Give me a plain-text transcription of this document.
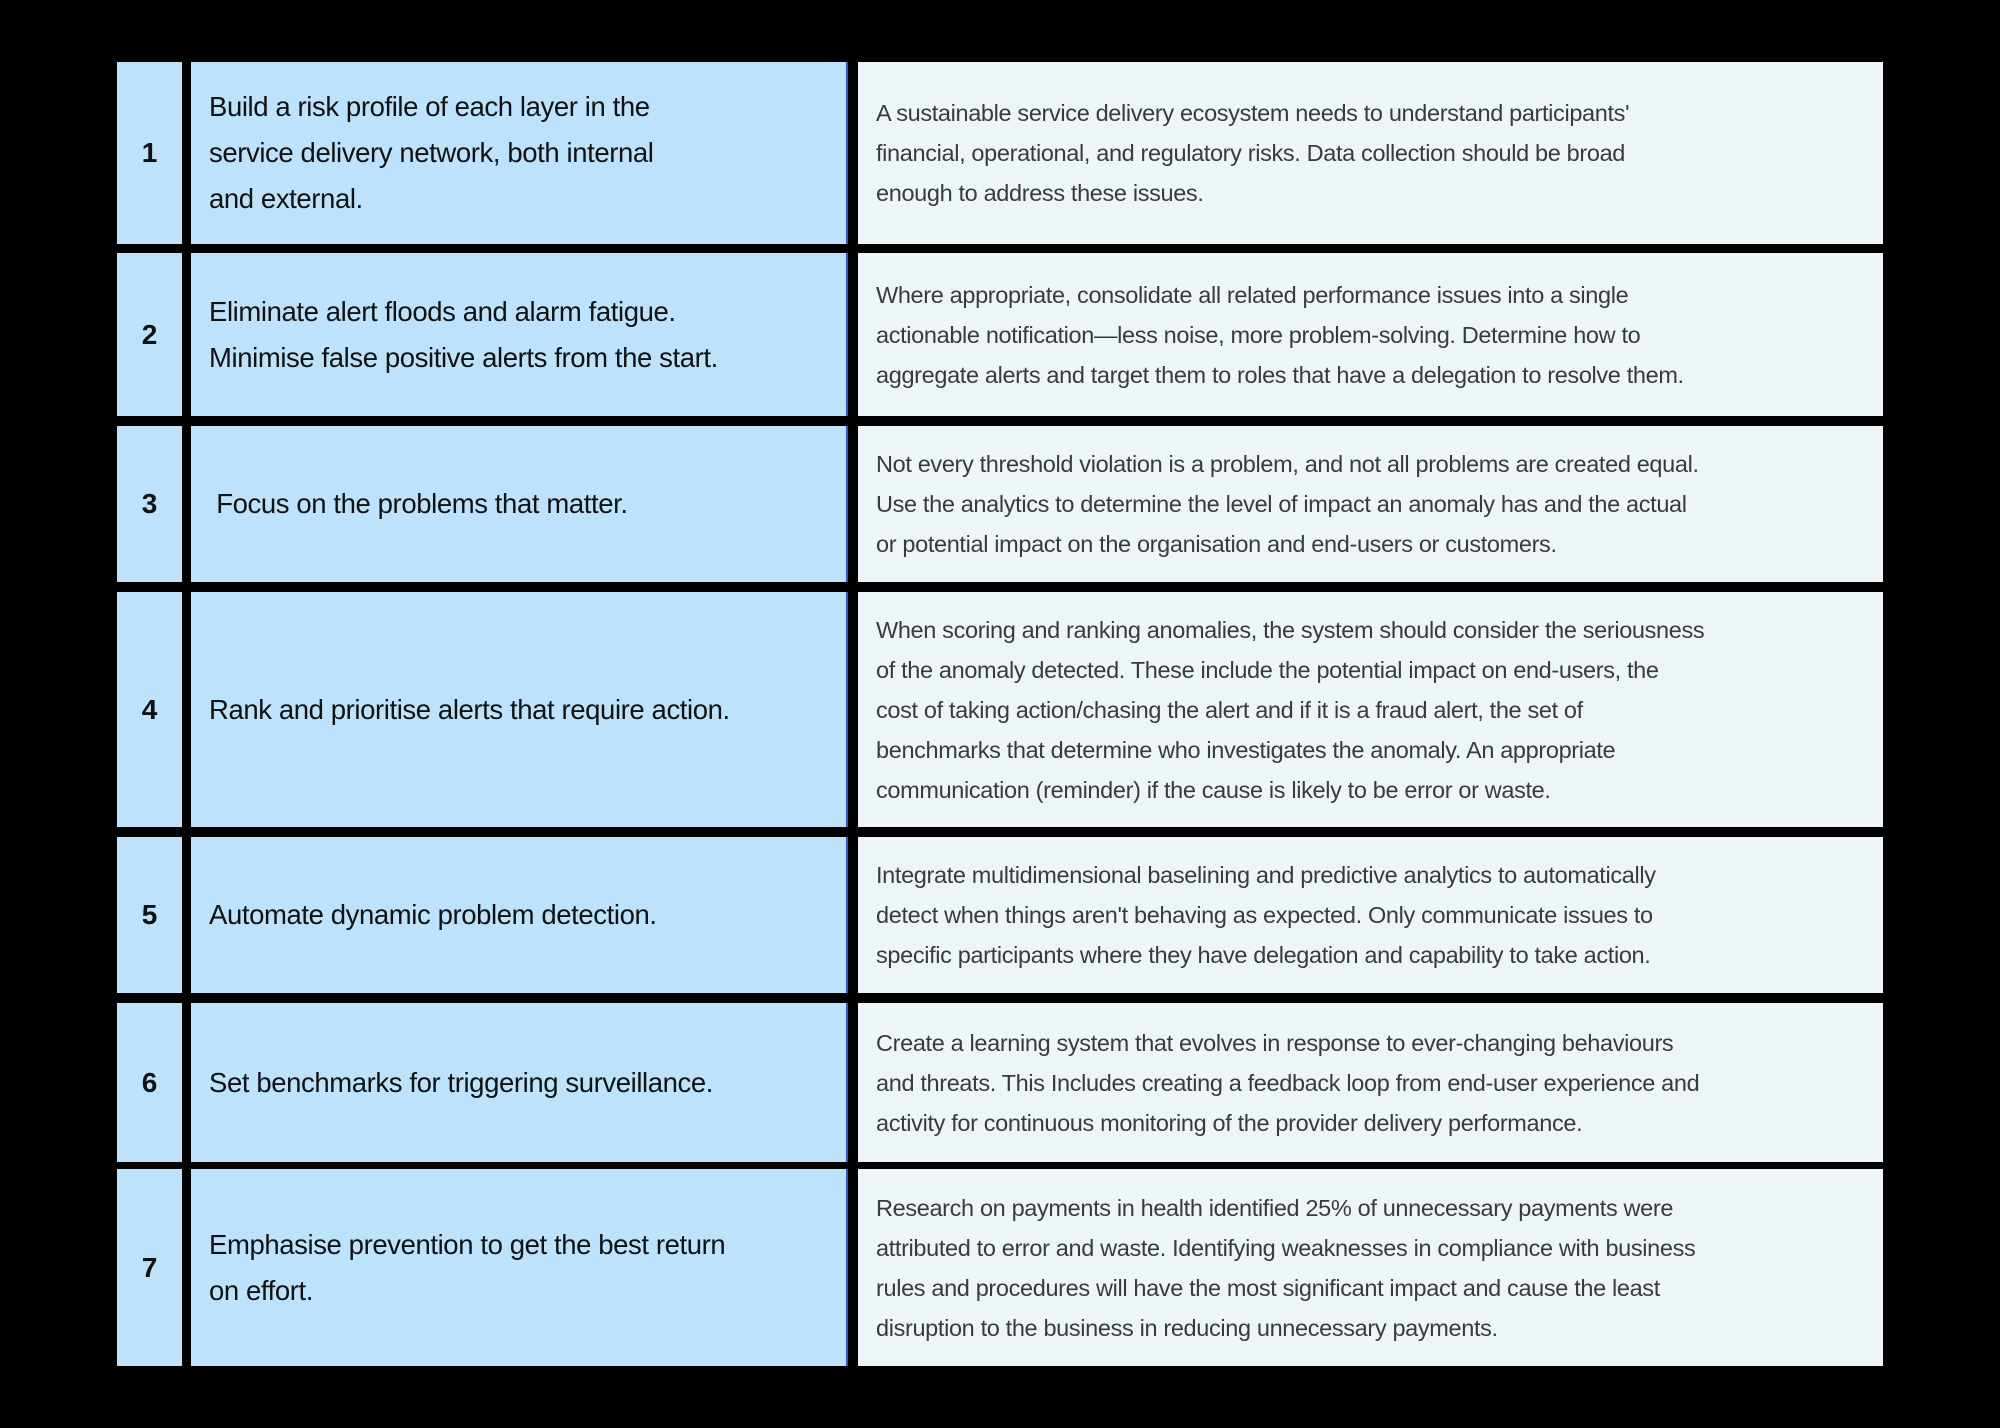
1
Build a risk profile of each layer in the
service delivery network, both internal
and external.
A sustainable service delivery ecosystem needs to understand participants'
financial, operational, and regulatory risks. Data collection should be broad
enough to address these issues.
2
Eliminate alert floods and alarm fatigue.
Minimise false positive alerts from the start.
Where appropriate, consolidate all related performance issues into a single
actionable notification—less noise, more problem-solving. Determine how to
aggregate alerts and target them to roles that have a delegation to resolve them.
3 Focus on the problems that matter.
Not every threshold violation is a problem, and not all problems are created equal.
Use the analytics to determine the level of impact an anomaly has and the actual
or potential impact on the organisation and end-users or customers.
4 Rank and prioritise alerts that require action.
When scoring and ranking anomalies, the system should consider the seriousness
of the anomaly detected. These include the potential impact on end-users, the
cost of taking action/chasing the alert and if it is a fraud alert, the set of
benchmarks that determine who investigates the anomaly. An appropriate
communication (reminder) if the cause is likely to be error or waste.
5 Automate dynamic problem detection.
Integrate multidimensional baselining and predictive analytics to automatically
detect when things aren't behaving as expected. Only communicate issues to
specific participants where they have delegation and capability to take action.
6 Set benchmarks for triggering surveillance.
Create a learning system that evolves in response to ever-changing behaviours
and threats. This Includes creating a feedback loop from end-user experience and
activity for continuous monitoring of the provider delivery performance.
7
Emphasise prevention to get the best return
on effort.
Research on payments in health identified 25% of unnecessary payments were
attributed to error and waste. Identifying weaknesses in compliance with business
rules and procedures will have the most significant impact and cause the least
disruption to the business in reducing unnecessary payments.
